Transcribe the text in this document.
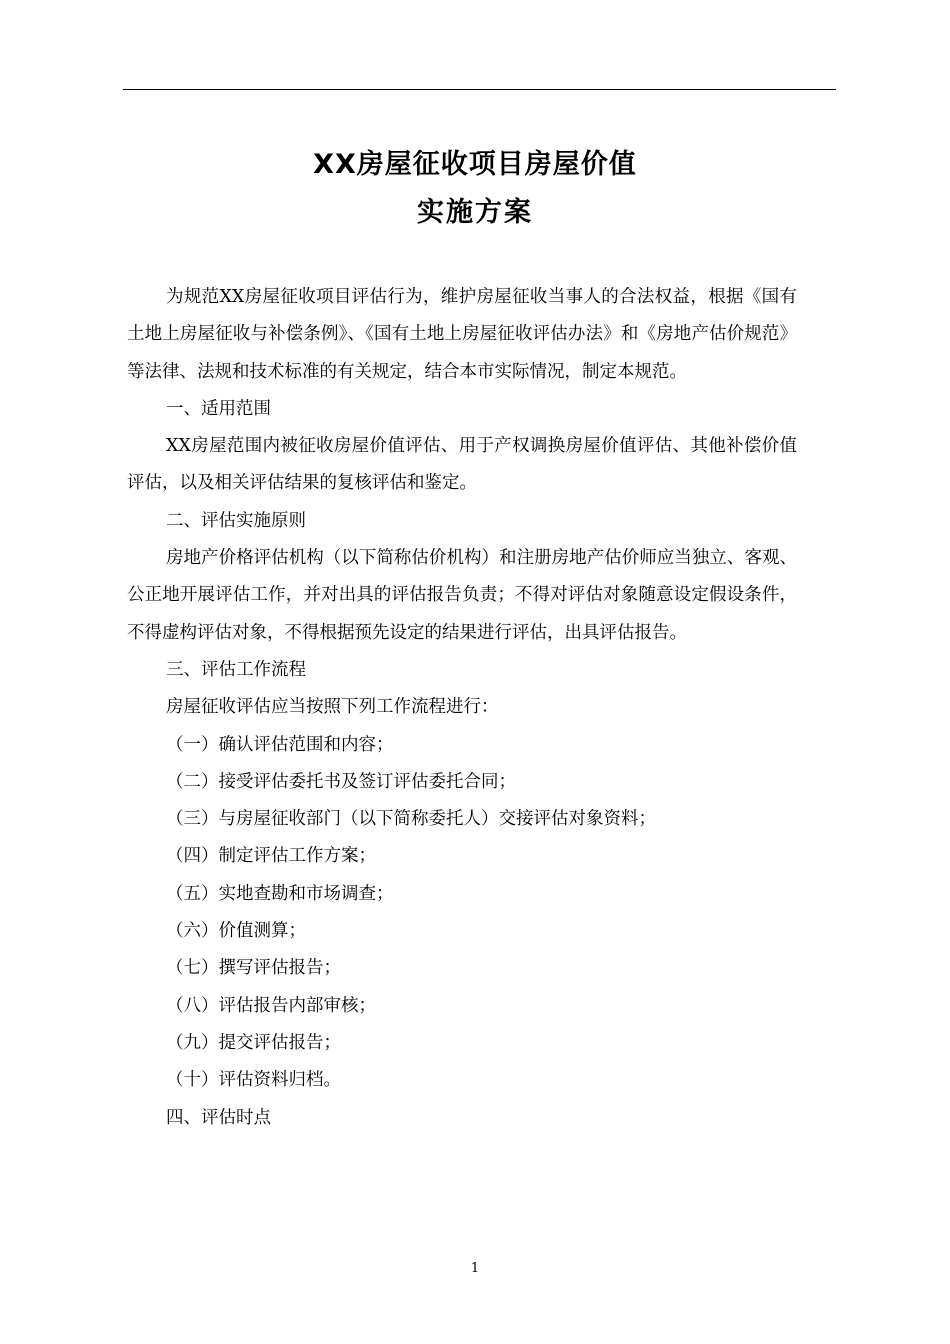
XX房屋征收项目房屋价值
实施方案

为规范XX房屋征收项目评估行为，维护房屋征收当事人的合法权益，根据《国有土地上房屋征收与补偿条例》、《国有土地上房屋征收评估办法》和《房地产估价规范》等法律、法规和技术标准的有关规定，结合本市实际情况，制定本规范。

一、适用范围

XX房屋范围内被征收房屋价值评估、用于产权调换房屋价值评估、其他补偿价值评估，以及相关评估结果的复核评估和鉴定。

二、评估实施原则

房地产价格评估机构（以下简称估价机构）和注册房地产估价师应当独立、客观、公正地开展评估工作，并对出具的评估报告负责；不得对评估对象随意设定假设条件，不得虚构评估对象，不得根据预先设定的结果进行评估，出具评估报告。

三、评估工作流程

房屋征收评估应当按照下列工作流程进行：

（一）确认评估范围和内容；

（二）接受评估委托书及签订评估委托合同；

（三）与房屋征收部门（以下简称委托人）交接评估对象资料；

（四）制定评估工作方案；

（五）实地查勘和市场调查；

（六）价值测算；

（七）撰写评估报告；

（八）评估报告内部审核；

（九）提交评估报告；

（十）评估资料归档。

四、评估时点

1
